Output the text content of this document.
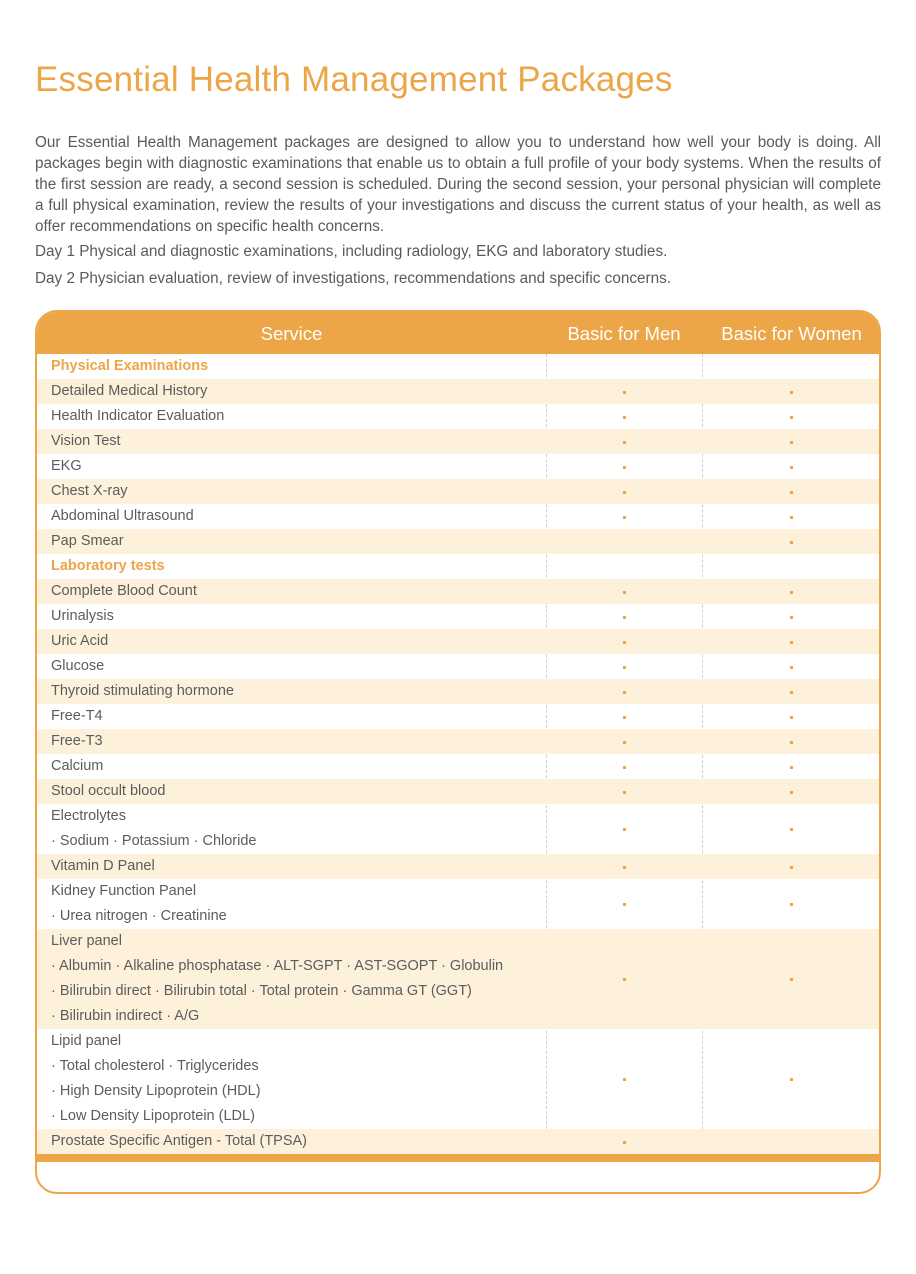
Essential Health Management Packages

Our Essential Health Management packages are designed to allow you to understand how well your body is doing. All packages begin with diagnostic examinations that enable us to obtain a full profile of your body systems. When the results of the first session are ready, a second session is scheduled. During the second session, your personal physician will complete a full physical examination, review the results of your investigations and discuss the current status of your health, as well as offer recommendations on specific health concerns.

Day 1 Physical and diagnostic examinations, including radiology, EKG and laboratory studies.

Day 2 Physician evaluation, review of investigations, recommendations and specific concerns.

Service	Basic for Men	Basic for Women
Physical Examinations
Detailed Medical History
Health Indicator Evaluation
Vision Test
EKG
Chest X-ray
Abdominal Ultrasound
Pap Smear
Laboratory tests
Complete Blood Count
Urinalysis
Uric Acid
Glucose
Thyroid stimulating hormone
Free-T4
Free-T3
Calcium
Stool occult blood
Electrolytes
· Sodium · Potassium · Chloride
Vitamin D Panel
Kidney Function Panel
· Urea nitrogen · Creatinine
Liver panel
· Albumin · Alkaline phosphatase · ALT-SGPT · AST-SGOPT · Globulin
· Bilirubin direct · Bilirubin total · Total protein · Gamma GT (GGT)
· Bilirubin indirect · A/G
Lipid panel
· Total cholesterol · Triglycerides
· High Density Lipoprotein (HDL)
· Low Density Lipoprotein (LDL)
Prostate Specific Antigen - Total (TPSA)
